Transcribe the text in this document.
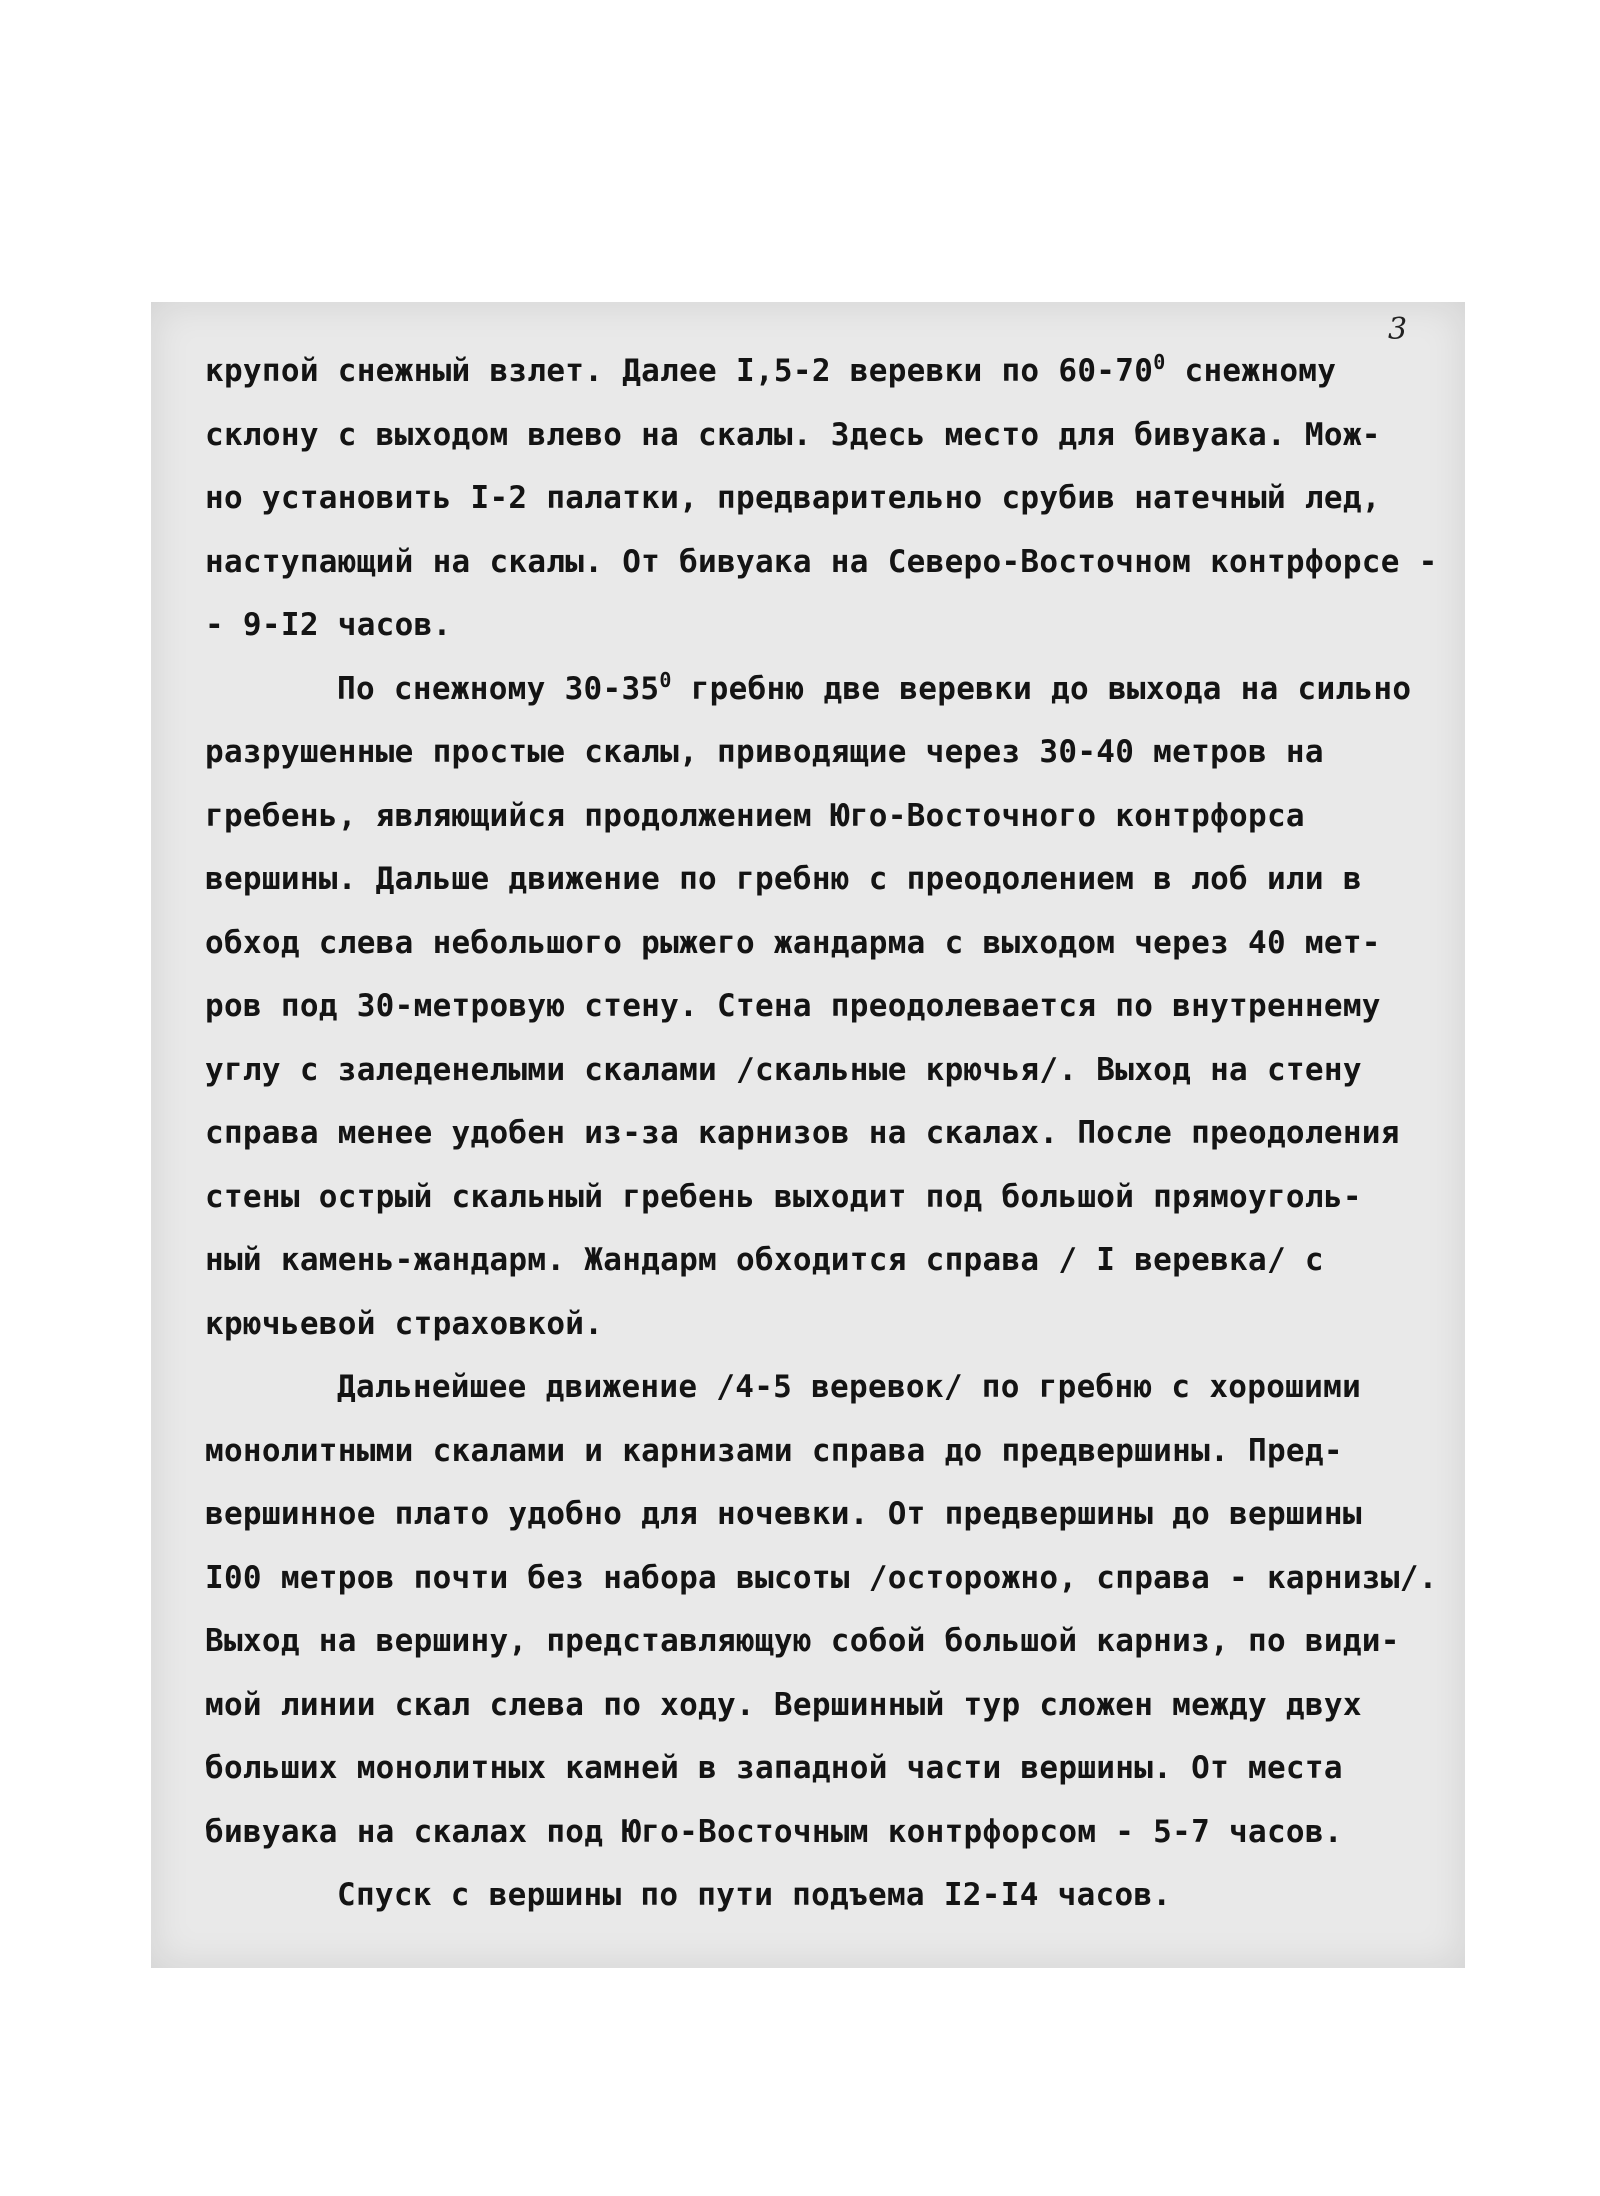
3
крупой снежный взлет. Далее I,5-2 веревки по $60-70^0$ снежному
склону с выходом влево на скалы. Здесь место для бивуака. Мож-
но установить I-2 палатки, предварительно срубив натечный лед,
наступающий на скалы. От бивуака на Северо-Восточном контрфорсе -
- 9-I2 часов.
По снежному $30-35^0$ гребню две веревки до выхода на сильно
разрушенные простые скалы, приводящие через 30-40 метров на
гребень, являющийся продолжением Юго-Восточного контрфорса
вершины. Дальше движение по гребню с преодолением в лоб или в
обход слева небольшого рыжего жандарма с выходом через 40 мет-
ров под 30-метровую стену. Стена преодолевается по внутреннему
углу с заледенелыми скалами /скальные крючья/. Выход на стену
справа менее удобен из-за карнизов на скалах. После преодоления
стены острый скальный гребень выходит под большой прямоуголь-
ный камень-жандарм. Жандарм обходится справа / I веревка/ с
крючьевой страховкой.
Дальнейшее движение /4-5 веревок/ по гребню с хорошими
монолитными скалами и карнизами справа до предвершины. Пред-
вершинное плато удобно для ночевки. От предвершины до вершины
I00 метров почти без набора высоты /осторожно, справа - карнизы/.
Выход на вершину, представляющую собой большой карниз, по види-
мой линии скал слева по ходу. Вершинный тур сложен между двух
больших монолитных камней в западной части вершины. От места
бивуака на скалах под Юго-Восточным контрфорсом - 5-7 часов.
Спуск с вершины по пути подъема I2-I4 часов.
